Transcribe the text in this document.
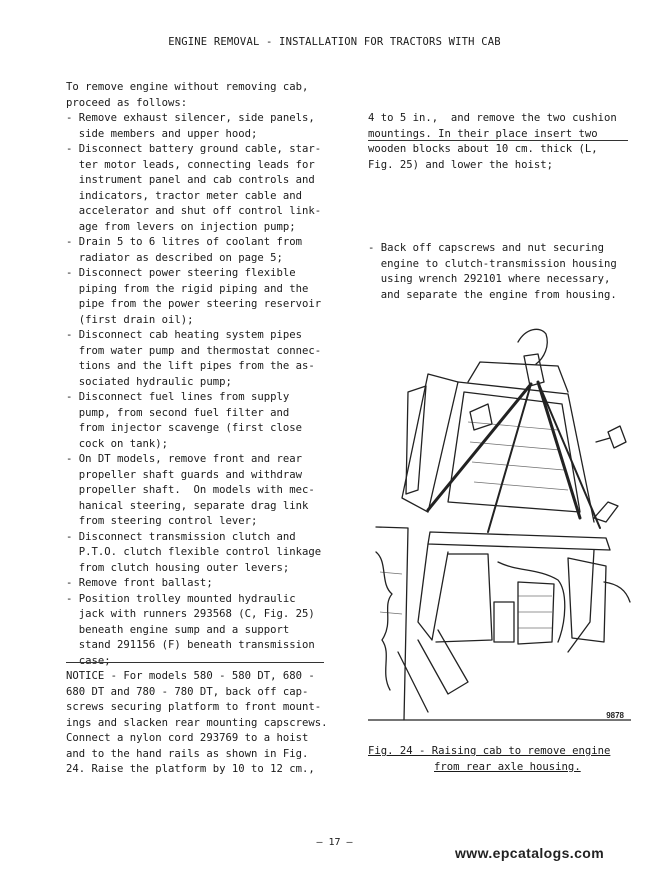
ENGINE REMOVAL - INSTALLATION FOR TRACTORS WITH CAB
To remove engine without removing cab,
proceed as follows:
- Remove exhaust silencer, side panels,
side members and upper hood;
- Disconnect battery ground cable, star-
ter motor leads, connecting leads for
instrument panel and cab controls and
indicators, tractor meter cable and
accelerator and shut off control link-
age from levers on injection pump;
- Drain 5 to 6 litres of coolant from
radiator as described on page 5;
- Disconnect power steering flexible
piping from the rigid piping and the
pipe from the power steering reservoir
(first drain oil);
- Disconnect cab heating system pipes
from water pump and thermostat connec-
tions and the lift pipes from the as-
sociated hydraulic pump;
- Disconnect fuel lines from supply
pump, from second fuel filter and
from injector scavenge (first close
cock on tank);
- On DT models, remove front and rear
propeller shaft guards and withdraw
propeller shaft.  On models with mec-
hanical steering, separate drag link
from steering control lever;
- Disconnect transmission clutch and
P.T.O. clutch flexible control linkage
from clutch housing outer levers;
- Remove front ballast;
- Position trolley mounted hydraulic
jack with runners 293568 (C, Fig. 25)
beneath engine sump and a support
stand 291156 (F) beneath transmission
case;
NOTICE - For models 580 - 580 DT, 680 -
680 DT and 780 - 780 DT, back off cap-
screws securing platform to front mount-
ings and slacken rear mounting capscrews.
Connect a nylon cord 293769 to a hoist
and to the hand rails as shown in Fig.
24. Raise the platform by 10 to 12 cm.,

4 to 5 in.,  and remove the two cushion
mountings. In their place insert two
wooden blocks about 10 cm. thick (L,
Fig. 25) and lower the hoist;

- Back off capscrews and nut securing
engine to clutch-transmission housing
using wrench 292101 where necessary,
and separate the engine from housing.

9878
Fig. 24 - Raising cab to remove engine
from rear axle housing.
— 17 —
www.epcatalogs.com
